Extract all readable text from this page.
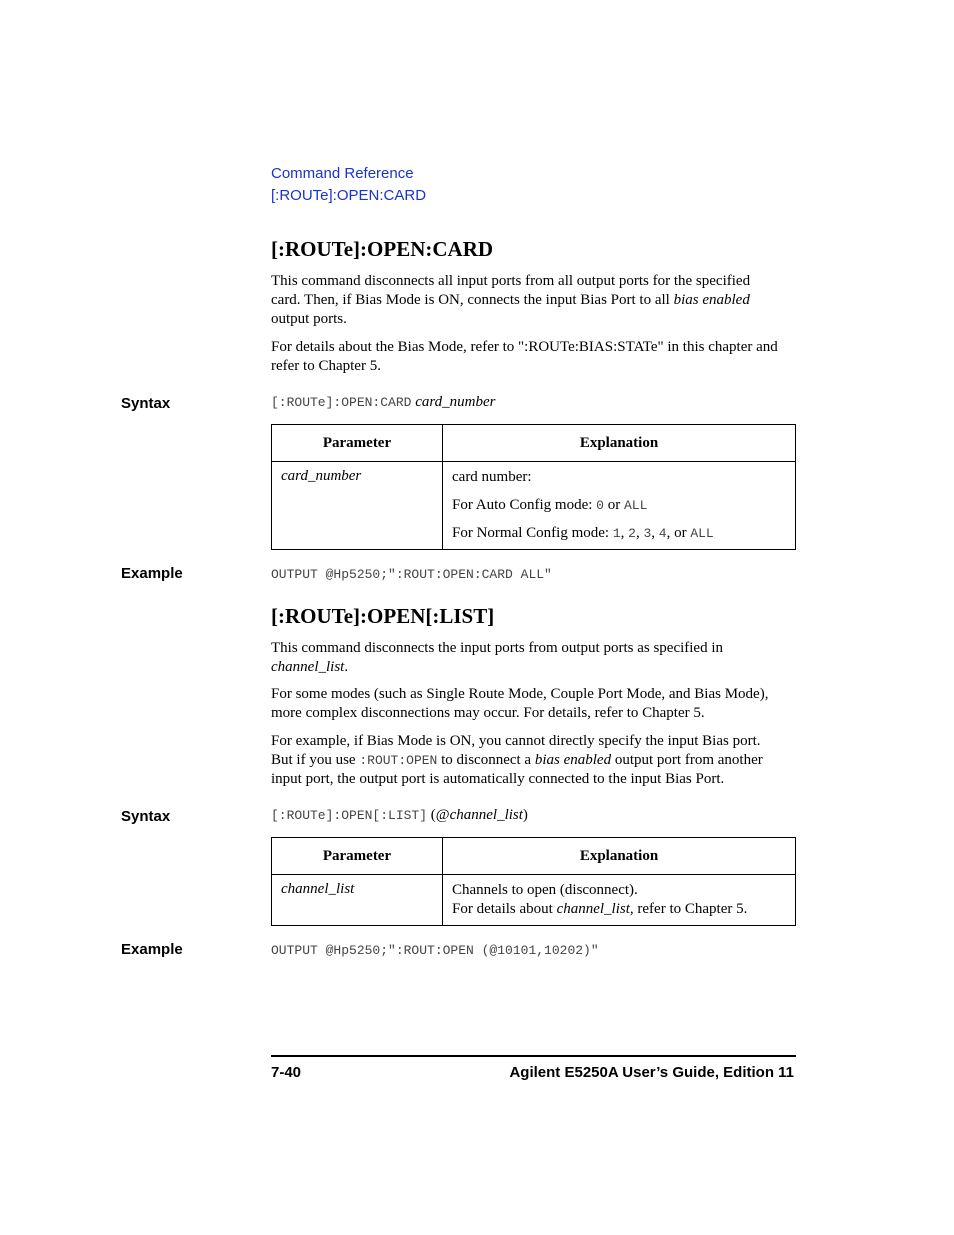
Command Reference
[:ROUTe]:OPEN:CARD
[:ROUTe]:OPEN:CARD
This command disconnects all input ports from all output ports for the specified
card. Then, if Bias Mode is ON, connects the input Bias Port to all bias enabled
output ports.
For details about the Bias Mode, refer to ":ROUTe:BIAS:STATe" in this chapter and
refer to Chapter 5.
Syntax	[:ROUTe]:OPEN:CARD card_number
Parameter	Explanation
card_number	card number:
For Auto Config mode: 0 or ALL
For Normal Config mode: 1, 2, 3, 4, or ALL
Example	OUTPUT @Hp5250;":ROUT:OPEN:CARD ALL"
[:ROUTe]:OPEN[:LIST]
This command disconnects the input ports from output ports as specified in
channel_list.
For some modes (such as Single Route Mode, Couple Port Mode, and Bias Mode),
more complex disconnections may occur. For details, refer to Chapter 5.
For example, if Bias Mode is ON, you cannot directly specify the input Bias port.
But if you use :ROUT:OPEN to disconnect a bias enabled output port from another
input port, the output port is automatically connected to the input Bias Port.
Syntax	[:ROUTe]:OPEN[:LIST] (@channel_list)
Parameter	Explanation
channel_list	Channels to open (disconnect).
For details about channel_list, refer to Chapter 5.
Example	OUTPUT @Hp5250;":ROUT:OPEN (@10101,10202)"
7-40	Agilent E5250A User’s Guide, Edition 11
